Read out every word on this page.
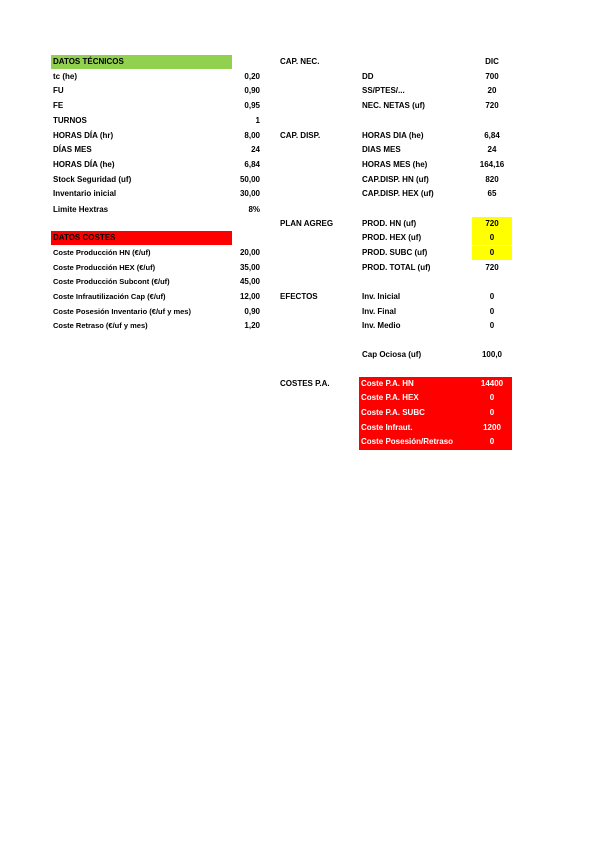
DATOS TÉCNICOS
tc (he)	0,20
FU	0,90
FE	0,95
TURNOS	1
HORAS DÍA (hr)	8,00
DÍAS MES	24
HORAS DÍA (he)	6,84
Stock Seguridad (uf)	50,00
Inventario inicial	30,00
Limite Hextras	8%
DATOS COSTES
Coste Producción HN (€/uf)	20,00
Coste Producción HEX (€/uf)	35,00
Coste Producción Subcont (€/uf)	45,00
Coste Infrautilización Cap (€/uf)	12,00
Coste Posesión Inventario (€/uf y mes)	0,90
Coste Retraso (€/uf y mes)	1,20
CAP. NEC.	DIC
DD	700
SS/PTES/...	20
NEC. NETAS (uf)	720
CAP. DISP.	HORAS DIA (he)	6,84
DIAS MES	24
HORAS MES (he)	164,16
CAP.DISP. HN (uf)	820
CAP.DISP. HEX (uf)	65
PLAN AGREG	PROD. HN (uf)	720
PROD. HEX (uf)	0
PROD. SUBC (uf)	0
PROD. TOTAL (uf)	720
EFECTOS	Inv. Inicial	0
Inv. Final	0
Inv. Medio	0
Cap Ociosa (uf)	100,0
COSTES P.A.	Coste P.A. HN	14400
Coste P.A. HEX	0
Coste P.A. SUBC	0
Coste Infraut.	1200
Coste Posesión/Retraso	0
